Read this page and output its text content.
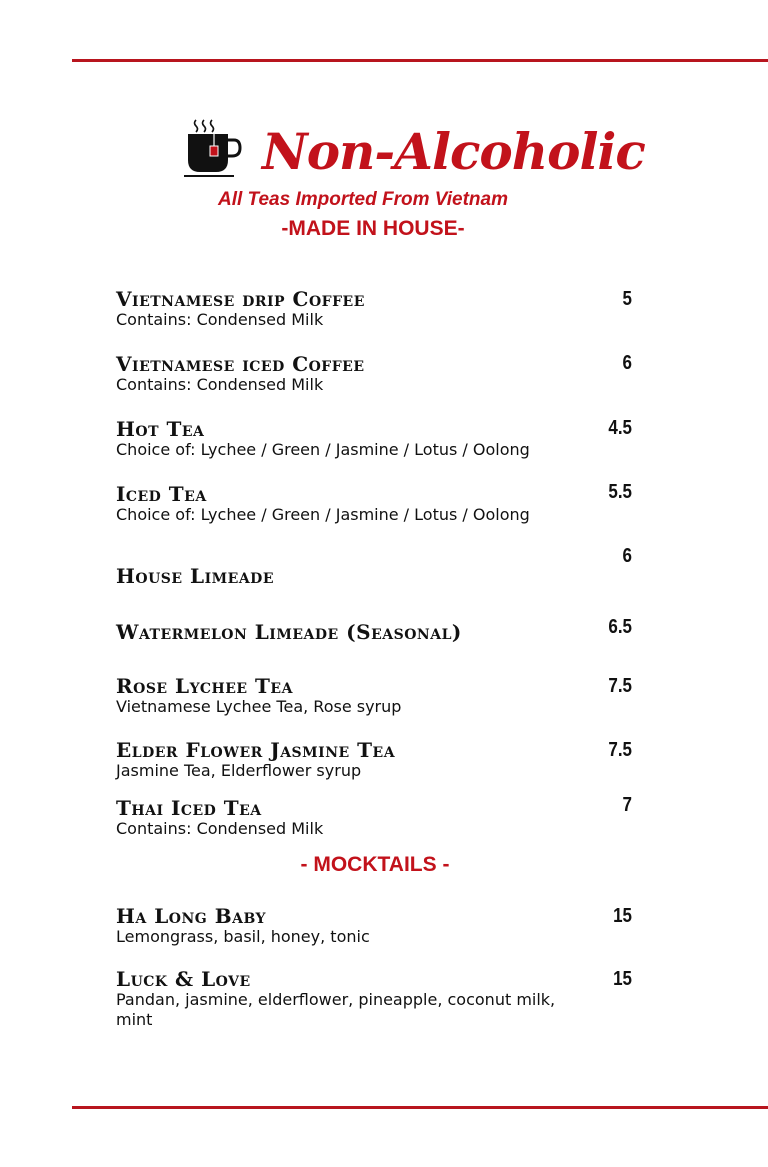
Non-Alcoholic
All Teas Imported From Vietnam
-MADE IN HOUSE-
Vietnamese drip Coffee
Contains: Condensed Milk
5
Vietnamese iced Coffee
Contains: Condensed Milk
6
Hot Tea
Choice of: Lychee / Green / Jasmine / Lotus / Oolong
4.5
Iced Tea
Choice of: Lychee / Green / Jasmine / Lotus / Oolong
5.5
House Limeade
6
Watermelon Limeade (Seasonal)	6.5
Rose Lychee Tea
Vietnamese Lychee Tea, Rose syrup
7.5
Elder Flower Jasmine Tea
Jasmine Tea, Elderflower syrup
7.5
Thai Iced Tea
Contains: Condensed Milk
7
- MOCKTAILS -
Ha Long Baby
Lemongrass, basil, honey, tonic
15
Luck & Love
Pandan, jasmine, elderflower, pineapple, coconut milk, mint
15
